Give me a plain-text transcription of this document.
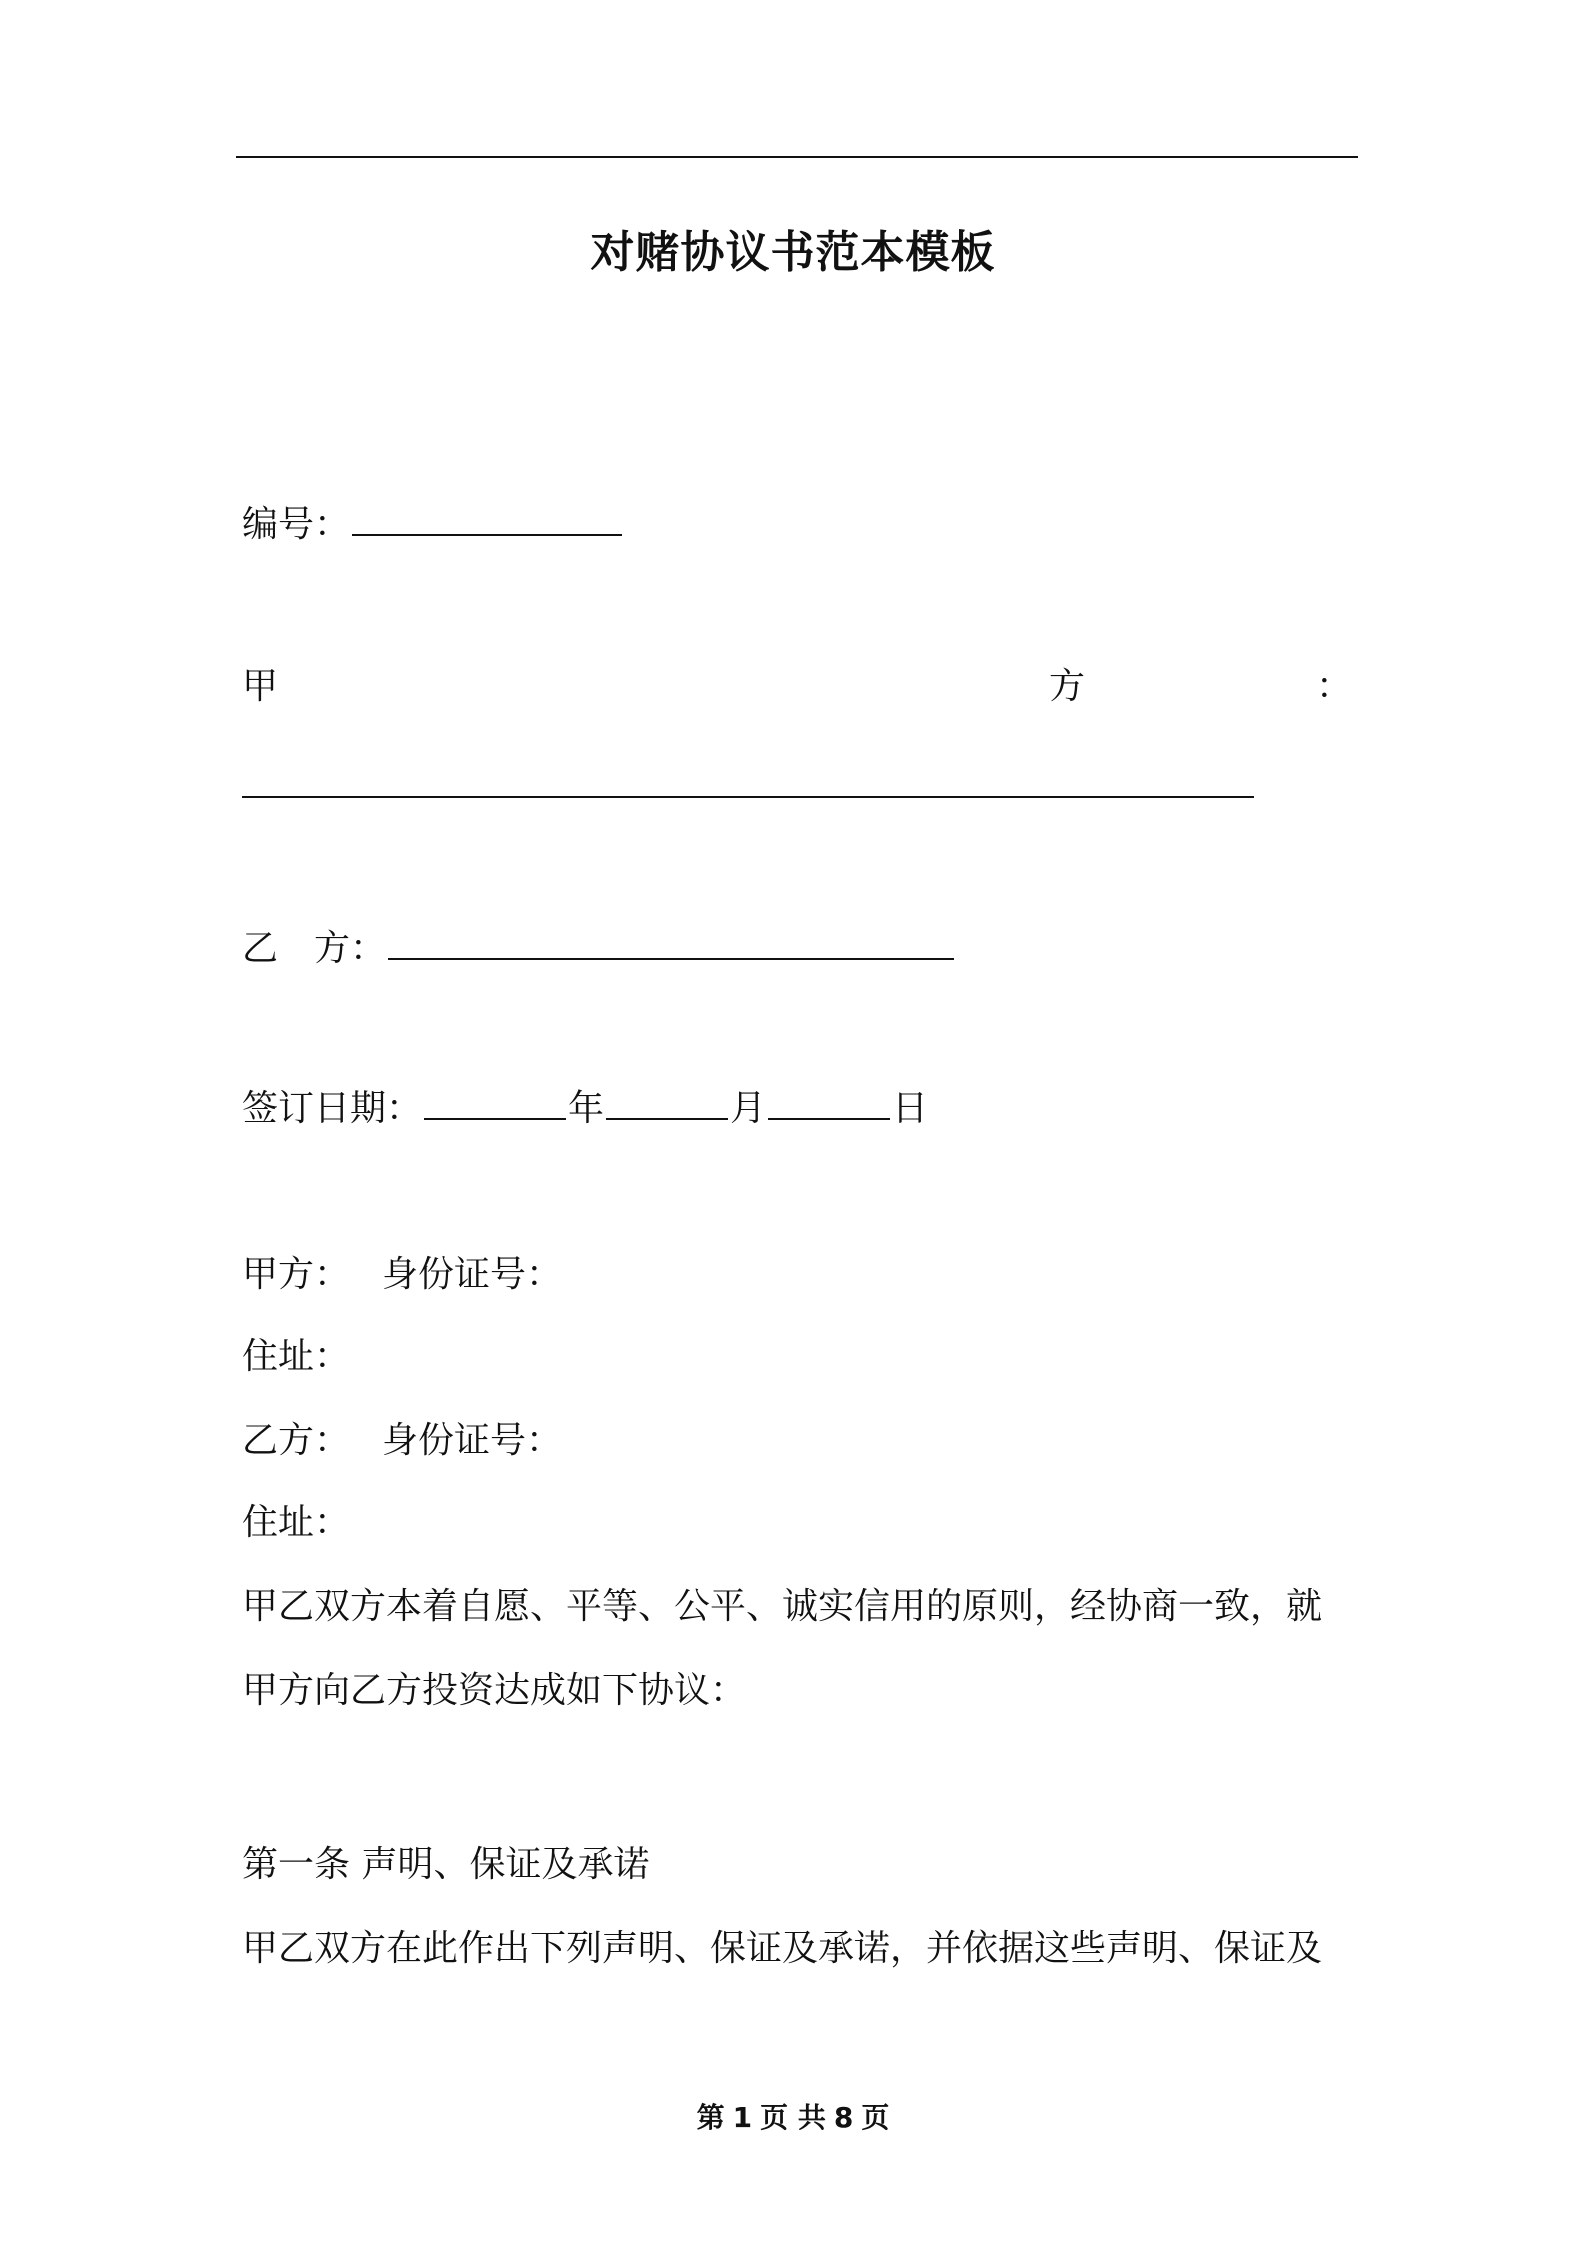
对赌协议书范本模板
编号：
甲	方	：
乙　方：
签订日期：	年	月	日
甲方： 身份证号：
住址：
乙方： 身份证号：
住址：
甲乙双方本着自愿、平等、公平、诚实信用的原则，经协商一致，就
甲方向乙方投资达成如下协议：
第一条 声明、保证及承诺
甲乙双方在此作出下列声明、保证及承诺，并依据这些声明、保证及
第 1 页 共 8 页
